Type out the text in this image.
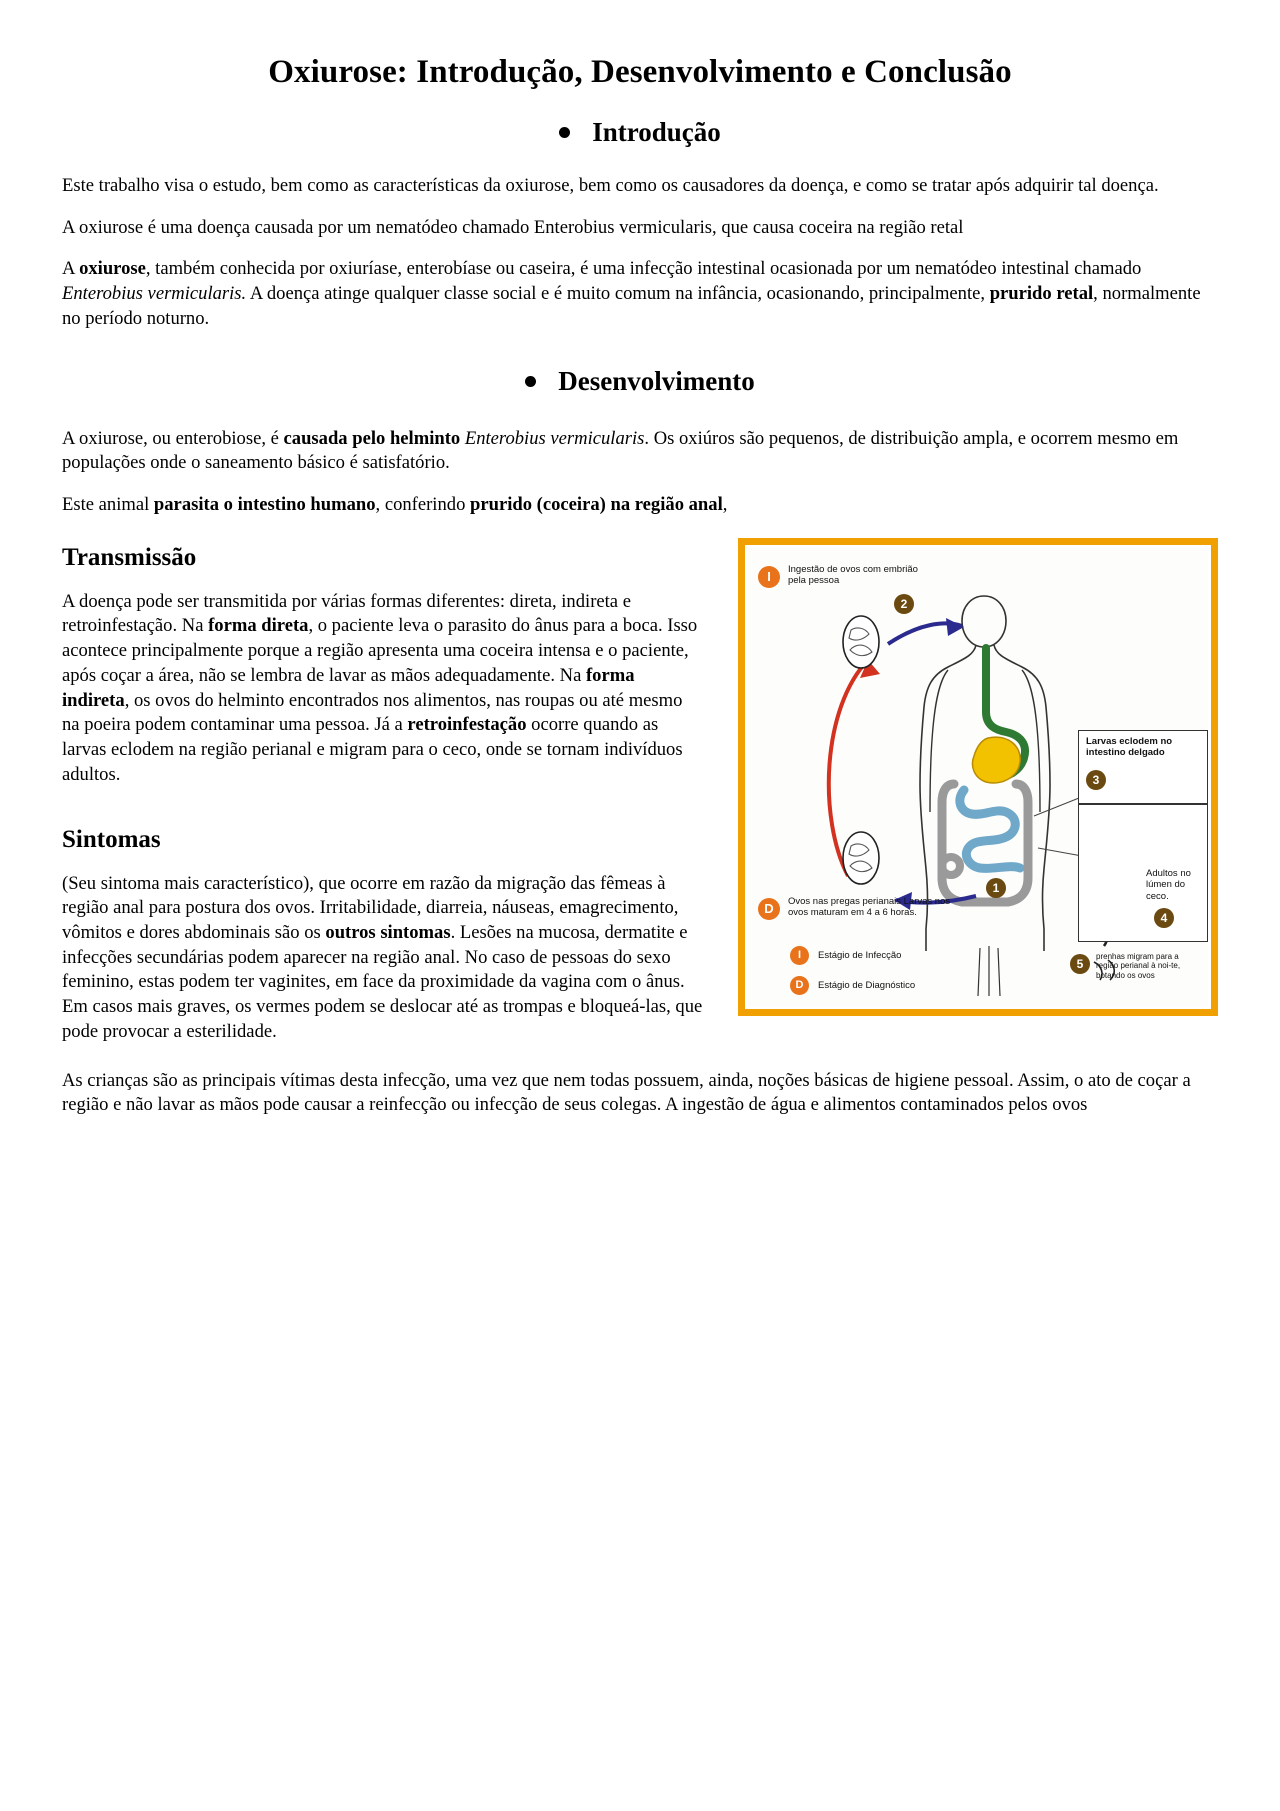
Oxiurose: Introdução, Desenvolvimento e Conclusão
Introdução

Este trabalho visa o estudo, bem como as características da oxiurose, bem como os causadores da doença, e como se tratar após adquirir tal doença.

A oxiurose é uma doença causada por um nematódeo chamado Enterobius vermicularis, que causa coceira na região retal

A oxiurose, também conhecida por oxiuríase, enterobíase ou caseira, é uma infecção intestinal ocasionada por um nematódeo intestinal chamado Enterobius vermicularis. A doença atinge qualquer classe social e é muito comum na infância, ocasionando, principalmente, prurido retal, normalmente no período noturno.

Desenvolvimento

A oxiurose, ou enterobiose, é causada pelo helminto Enterobius vermicularis. Os oxiúros são pequenos, de distribuição ampla, e ocorrem mesmo em populações onde o saneamento básico é satisfatório.

Este animal parasita o intestino humano, conferindo prurido (coceira) na região anal,

I	Ingestão de ovos com embrião pela pessoa
2
Larvas eclodem no intestino delgado
3
1
D	Ovos nas pregas perianais Larvas nos ovos maturam em 4 a 6 horas.
Adultos no lúmen do ceco.
4
5
prenhas migram para a região perianal à noi-te, botando os ovos
I	Estágio de Infecção
D	Estágio de Diagnóstico
Transmissão

A doença pode ser transmitida por várias formas diferentes: direta, indireta e retroinfestação. Na forma direta, o paciente leva o parasito do ânus para a boca. Isso acontece principalmente porque a região apresenta uma coceira intensa e o paciente, após coçar a área, não se lembra de lavar as mãos adequadamente. Na forma indireta, os ovos do helminto encontrados nos alimentos, nas roupas ou até mesmo na poeira podem contaminar uma pessoa. Já a retroinfestação ocorre quando as larvas eclodem na região perianal e migram para o ceco, onde se tornam indivíduos adultos.

Sintomas

(Seu sintoma mais característico), que ocorre em razão da migração das fêmeas à região anal para postura dos ovos. Irritabilidade, diarreia, náuseas, emagrecimento, vômitos e dores abdominais são os outros sintomas. Lesões na mucosa, dermatite e infecções secundárias podem aparecer na região anal. No caso de pessoas do sexo feminino, estas podem ter vaginites, em face da proximidade da vagina com o ânus. Em casos mais graves, os vermes podem se deslocar até as trompas e bloqueá-las, que pode provocar a esterilidade.

As crianças são as principais vítimas desta infecção, uma vez que nem todas possuem, ainda, noções básicas de higiene pessoal. Assim, o ato de coçar a região e não lavar as mãos pode causar a reinfecção ou infecção de seus colegas. A ingestão de água e alimentos contaminados pelos ovos
